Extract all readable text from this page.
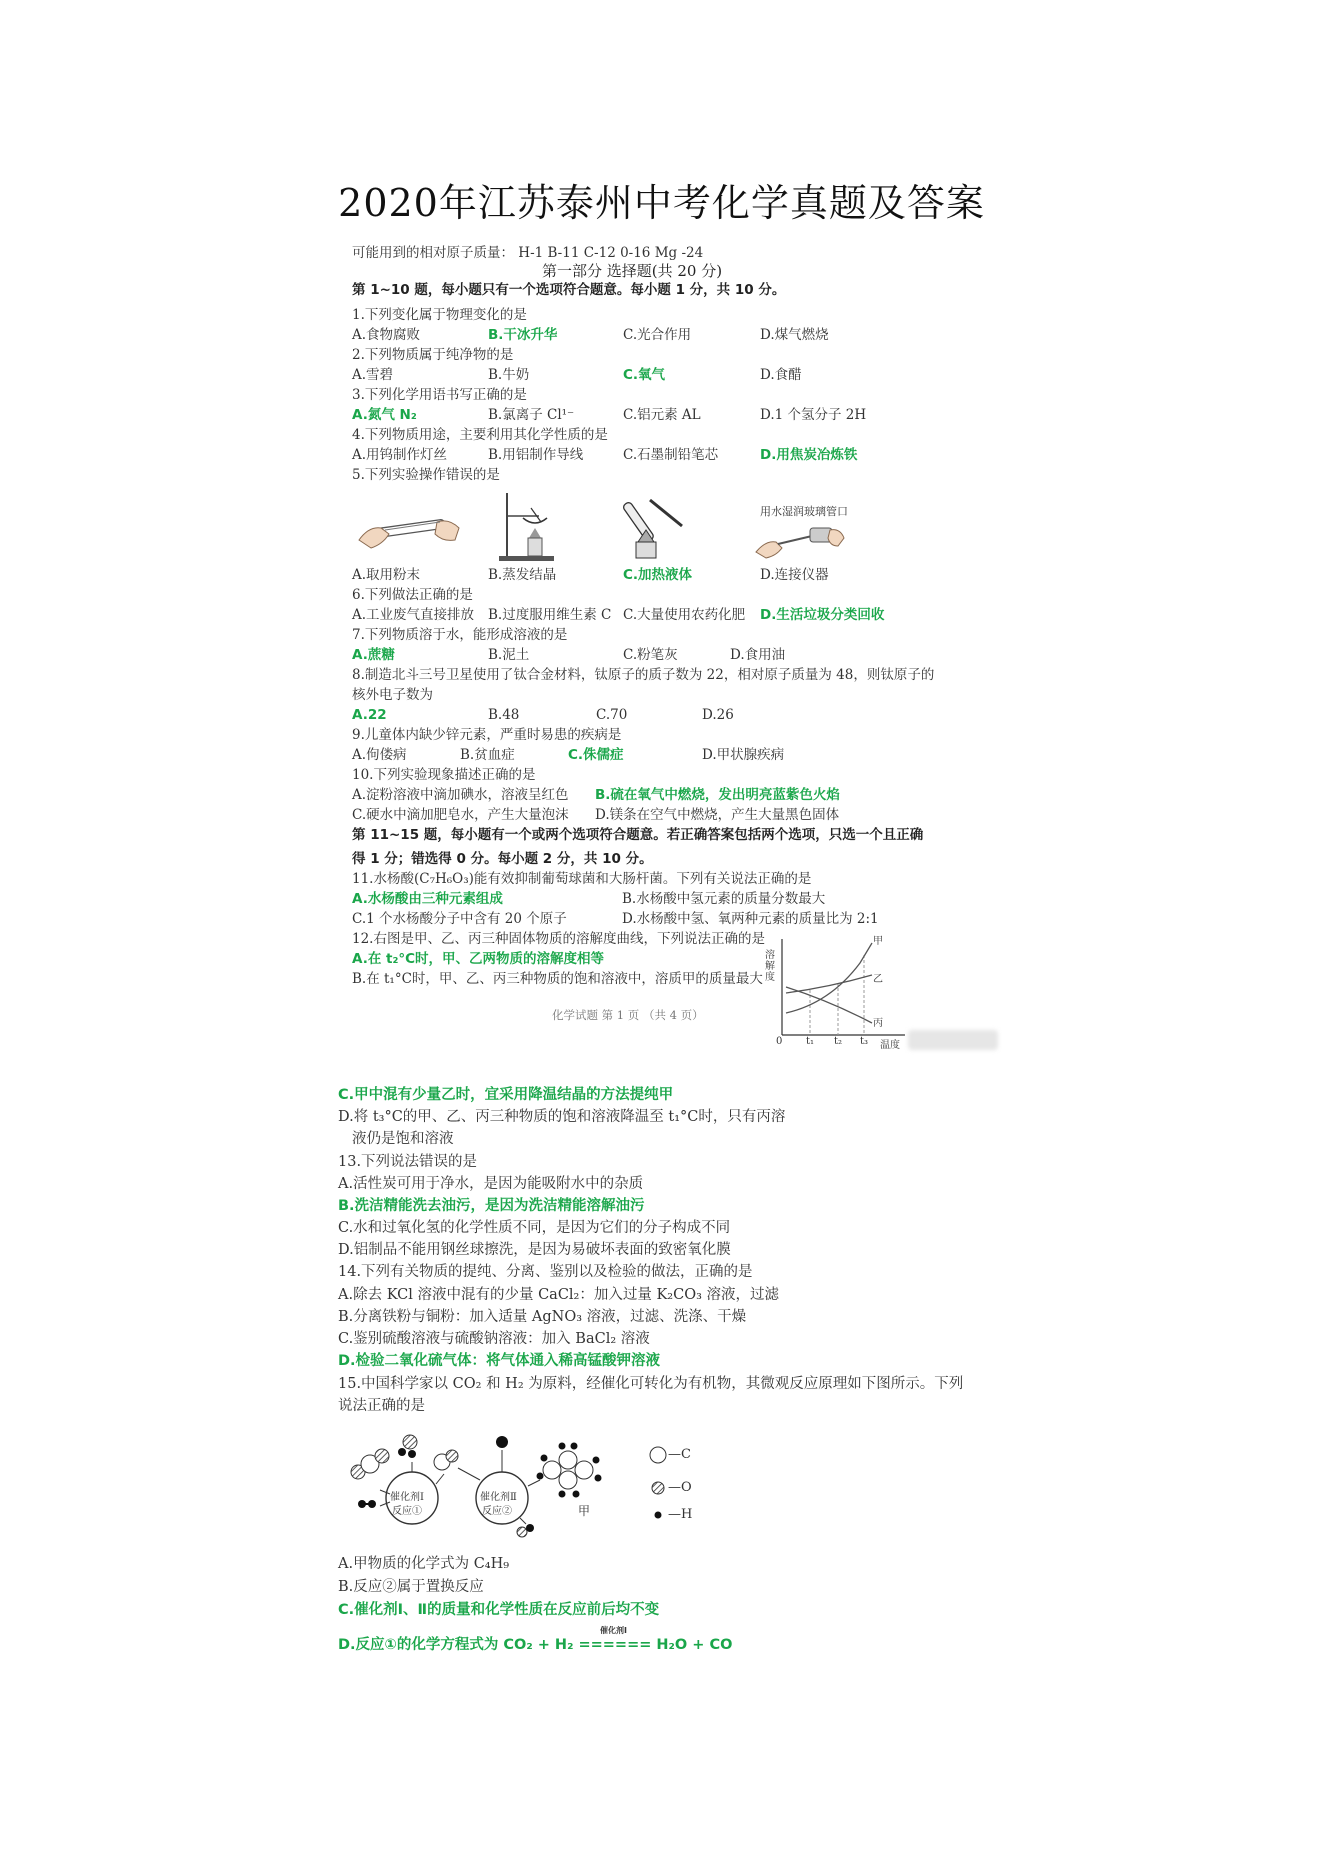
2020年江苏泰州中考化学真题及答案
可能用到的相对原子质量： H-1 B-11 C-12 0-16 Mg -24
第一部分 选择题(共 20 分)
第 1~10 题，每小题只有一个选项符合题意。每小题 1 分，共 10 分。
1.下列变化属于物理变化的是
A.食物腐败	B.干冰升华	C.光合作用	D.煤气燃烧
2.下列物质属于纯净物的是
A.雪碧	B.牛奶	C.氧气	D.食醋
3.下列化学用语书写正确的是
A.氮气 N₂	B.氯离子 Cl¹⁻	C.铝元素 AL	D.1 个氢分子 2H
4.下列物质用途，主要利用其化学性质的是
A.用钨制作灯丝	B.用铝制作导线	C.石墨制铅笔芯	D.用焦炭冶炼铁
5.下列实验操作错误的是
用水湿润玻璃管口
A.取用粉末	B.蒸发结晶	C.加热液体	D.连接仪器
6.下列做法正确的是
A.工业废气直接排放 B.过度服用维生素 C C.大量使用农药化肥 D.生活垃圾分类回收
7.下列物质溶于水，能形成溶液的是
A.蔗糖	B.泥土	C.粉笔灰	D.食用油
8.制造北斗三号卫星使用了钛合金材料，钛原子的质子数为 22，相对原子质量为 48，则钛原子的
核外电子数为
A.22	B.48	C.70	D.26
9.儿童体内缺少锌元素，严重时易患的疾病是
A.佝偻病	B.贫血症	C.侏儒症	D.甲状腺疾病
10.下列实验现象描述正确的是
A.淀粉溶液中滴加碘水，溶液呈红色 B.硫在氧气中燃烧，发出明亮蓝紫色火焰
C.硬水中滴加肥皂水，产生大量泡沫 D.镁条在空气中燃烧，产生大量黑色固体
第 11~15 题，每小题有一个或两个选项符合题意。若正确答案包括两个选项，只选一个且正确
得 1 分；错选得 0 分。每小题 2 分，共 10 分。
11.水杨酸(C₇H₆O₃)能有效抑制葡萄球菌和大肠杆菌。下列有关说法正确的是
A.水杨酸由三种元素组成	B.水杨酸中氢元素的质量分数最大
C.1 个水杨酸分子中含有 20 个原子	D.水杨酸中氢、氧两种元素的质量比为 2:1
12.右图是甲、乙、丙三种固体物质的溶解度曲线，下列说法正确的是
A.在 t₂°C时，甲、乙两物质的溶解度相等
B.在 t₁°C时，甲、乙、丙三种物质的饱和溶液中，溶质甲的质量最大
化学试题 第 1 页 （共 4 页）
溶解度
甲
乙
丙
0 t₁ t₂ t₃ 温度
C.甲中混有少量乙时，宜采用降温结晶的方法提纯甲
D.将 t₃°C的甲、乙、丙三种物质的饱和溶液降温至 t₁°C时，只有丙溶
液仍是饱和溶液
13.下列说法错误的是
A.活性炭可用于净水，是因为能吸附水中的杂质
B.洗洁精能洗去油污，是因为洗洁精能溶解油污
C.水和过氧化氢的化学性质不同，是因为它们的分子构成不同
D.铝制品不能用钢丝球擦洗，是因为易破坏表面的致密氧化膜
14.下列有关物质的提纯、分离、鉴别以及检验的做法，正确的是
A.除去 KCl 溶液中混有的少量 CaCl₂：加入过量 K₂CO₃ 溶液，过滤
B.分离铁粉与铜粉：加入适量 AgNO₃ 溶液，过滤、洗涤、干燥
C.鉴别硫酸溶液与硫酸钠溶液：加入 BaCl₂ 溶液
D.检验二氧化硫气体：将气体通入稀高锰酸钾溶液
15.中国科学家以 CO₂ 和 H₂ 为原料，经催化可转化为有机物，其微观反应原理如下图所示。下列
说法正确的是
催化剂Ⅰ
反应①
催化剂Ⅱ
反应②	甲
—C
—O
—H
A.甲物质的化学式为 C₄H₉
B.反应②属于置换反应
C.催化剂Ⅰ、Ⅱ的质量和化学性质在反应前后均不变
催化剂Ⅰ
D.反应①的化学方程式为 CO₂ + H₂ ====== H₂O + CO
